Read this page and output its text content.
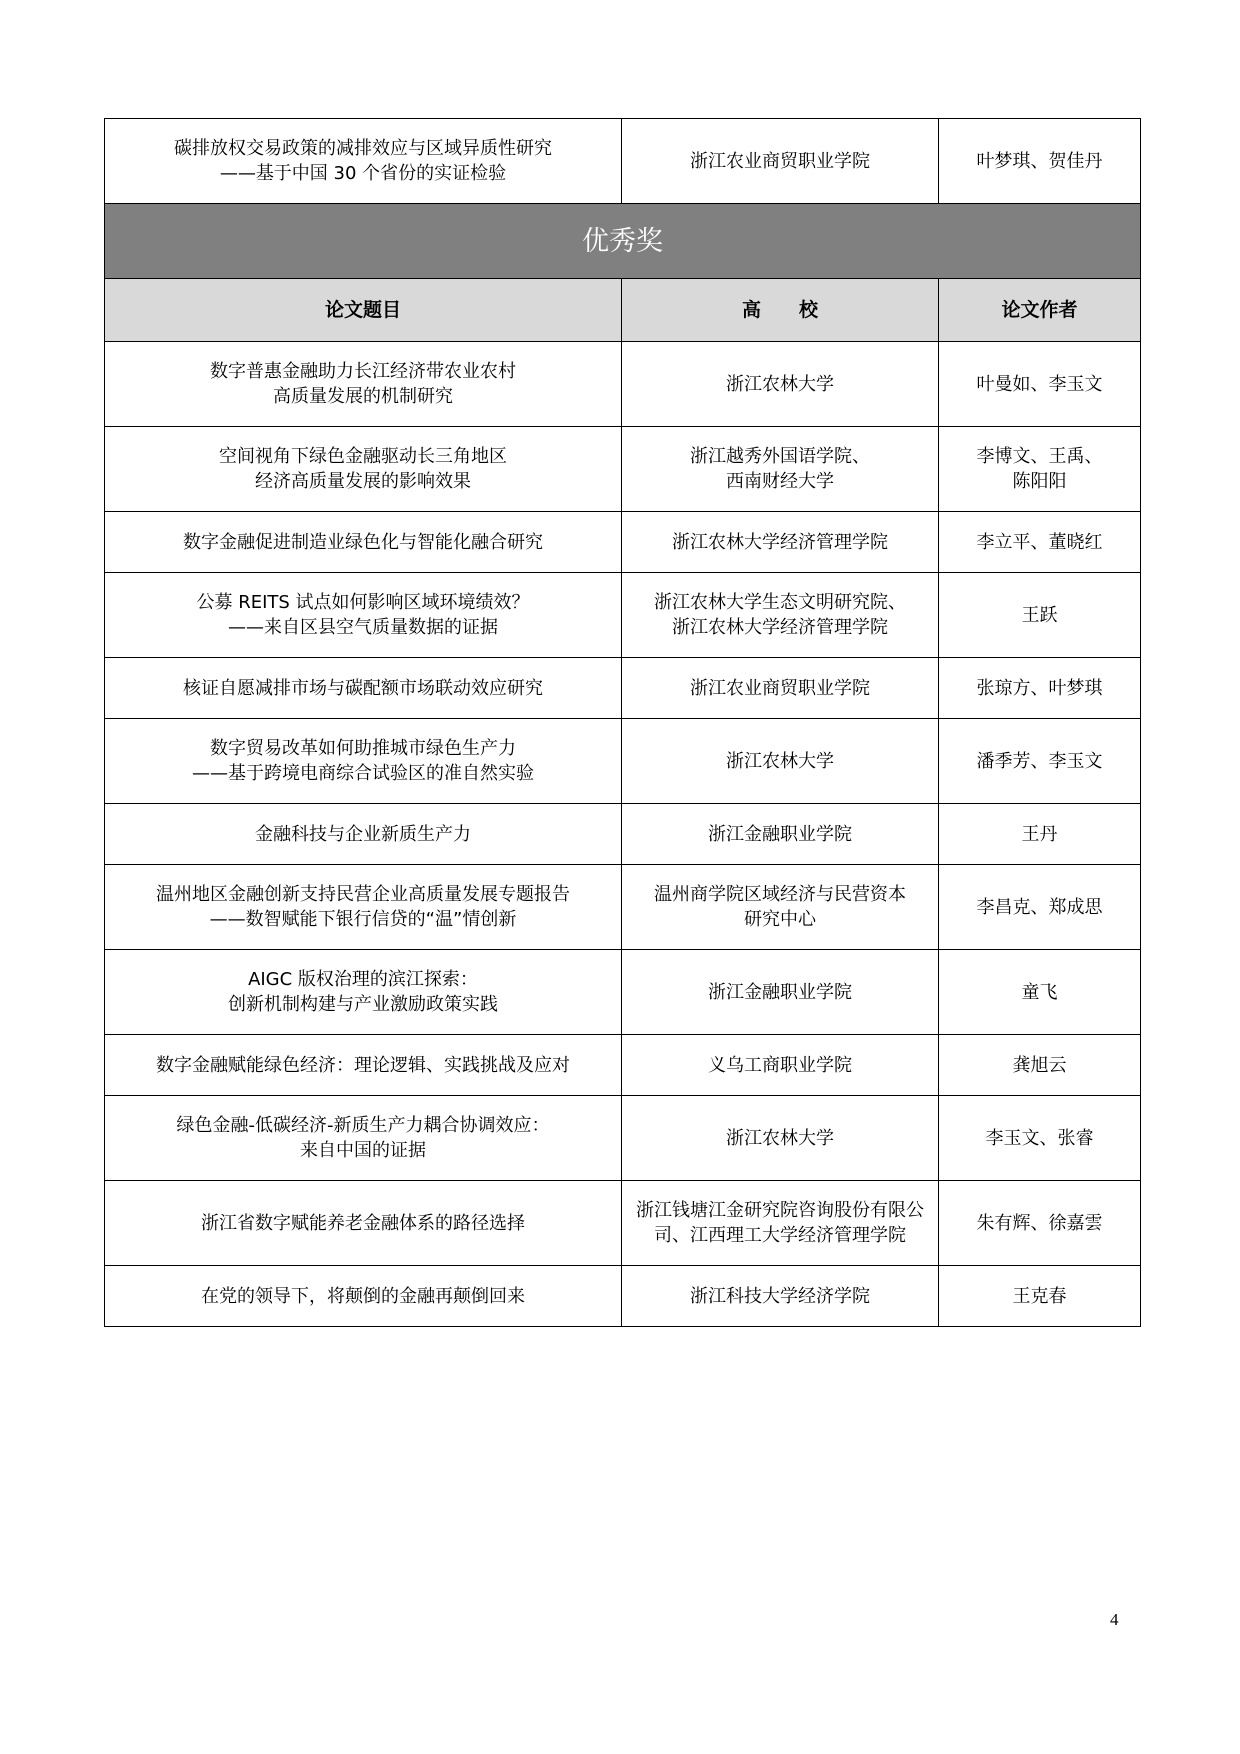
碳排放权交易政策的减排效应与区域异质性研究
——基于中国 30 个省份的实证检验	浙江农业商贸职业学院	叶梦琪、贺佳丹

优秀奖		
论文题目	高　　校	论文作者

数字普惠金融助力长江经济带农业农村
高质量发展的机制研究	浙江农林大学	叶曼如、李玉文

空间视角下绿色金融驱动长三角地区
经济高质量发展的影响效果	浙江越秀外国语学院、
西南财经大学	李博文、王禹、
陈阳阳

数字金融促进制造业绿色化与智能化融合研究	浙江农林大学经济管理学院	李立平、董晓红

公募 REITS 试点如何影响区域环境绩效？
——来自区县空气质量数据的证据	浙江农林大学生态文明研究院、
浙江农林大学经济管理学院	王跃

核证自愿减排市场与碳配额市场联动效应研究	浙江农业商贸职业学院	张琼方、叶梦琪

数字贸易改革如何助推城市绿色生产力
——基于跨境电商综合试验区的准自然实验	浙江农林大学	潘季芳、李玉文

金融科技与企业新质生产力	浙江金融职业学院	王丹

温州地区金融创新支持民营企业高质量发展专题报告
——数智赋能下银行信贷的“温”情创新	温州商学院区域经济与民营资本
研究中心	李昌克、郑成思

AIGC 版权治理的滨江探索：
创新机制构建与产业激励政策实践	浙江金融职业学院	童飞

数字金融赋能绿色经济：理论逻辑、实践挑战及应对	义乌工商职业学院	龚旭云

绿色金融-低碳经济-新质生产力耦合协调效应：
来自中国的证据	浙江农林大学	李玉文、张睿

浙江省数字赋能养老金融体系的路径选择	浙江钱塘江金研究院咨询股份有限公
司、江西理工大学经济管理学院	朱有辉、徐嘉雲

在党的领导下，将颠倒的金融再颠倒回来	浙江科技大学经济学院	王克春
4
